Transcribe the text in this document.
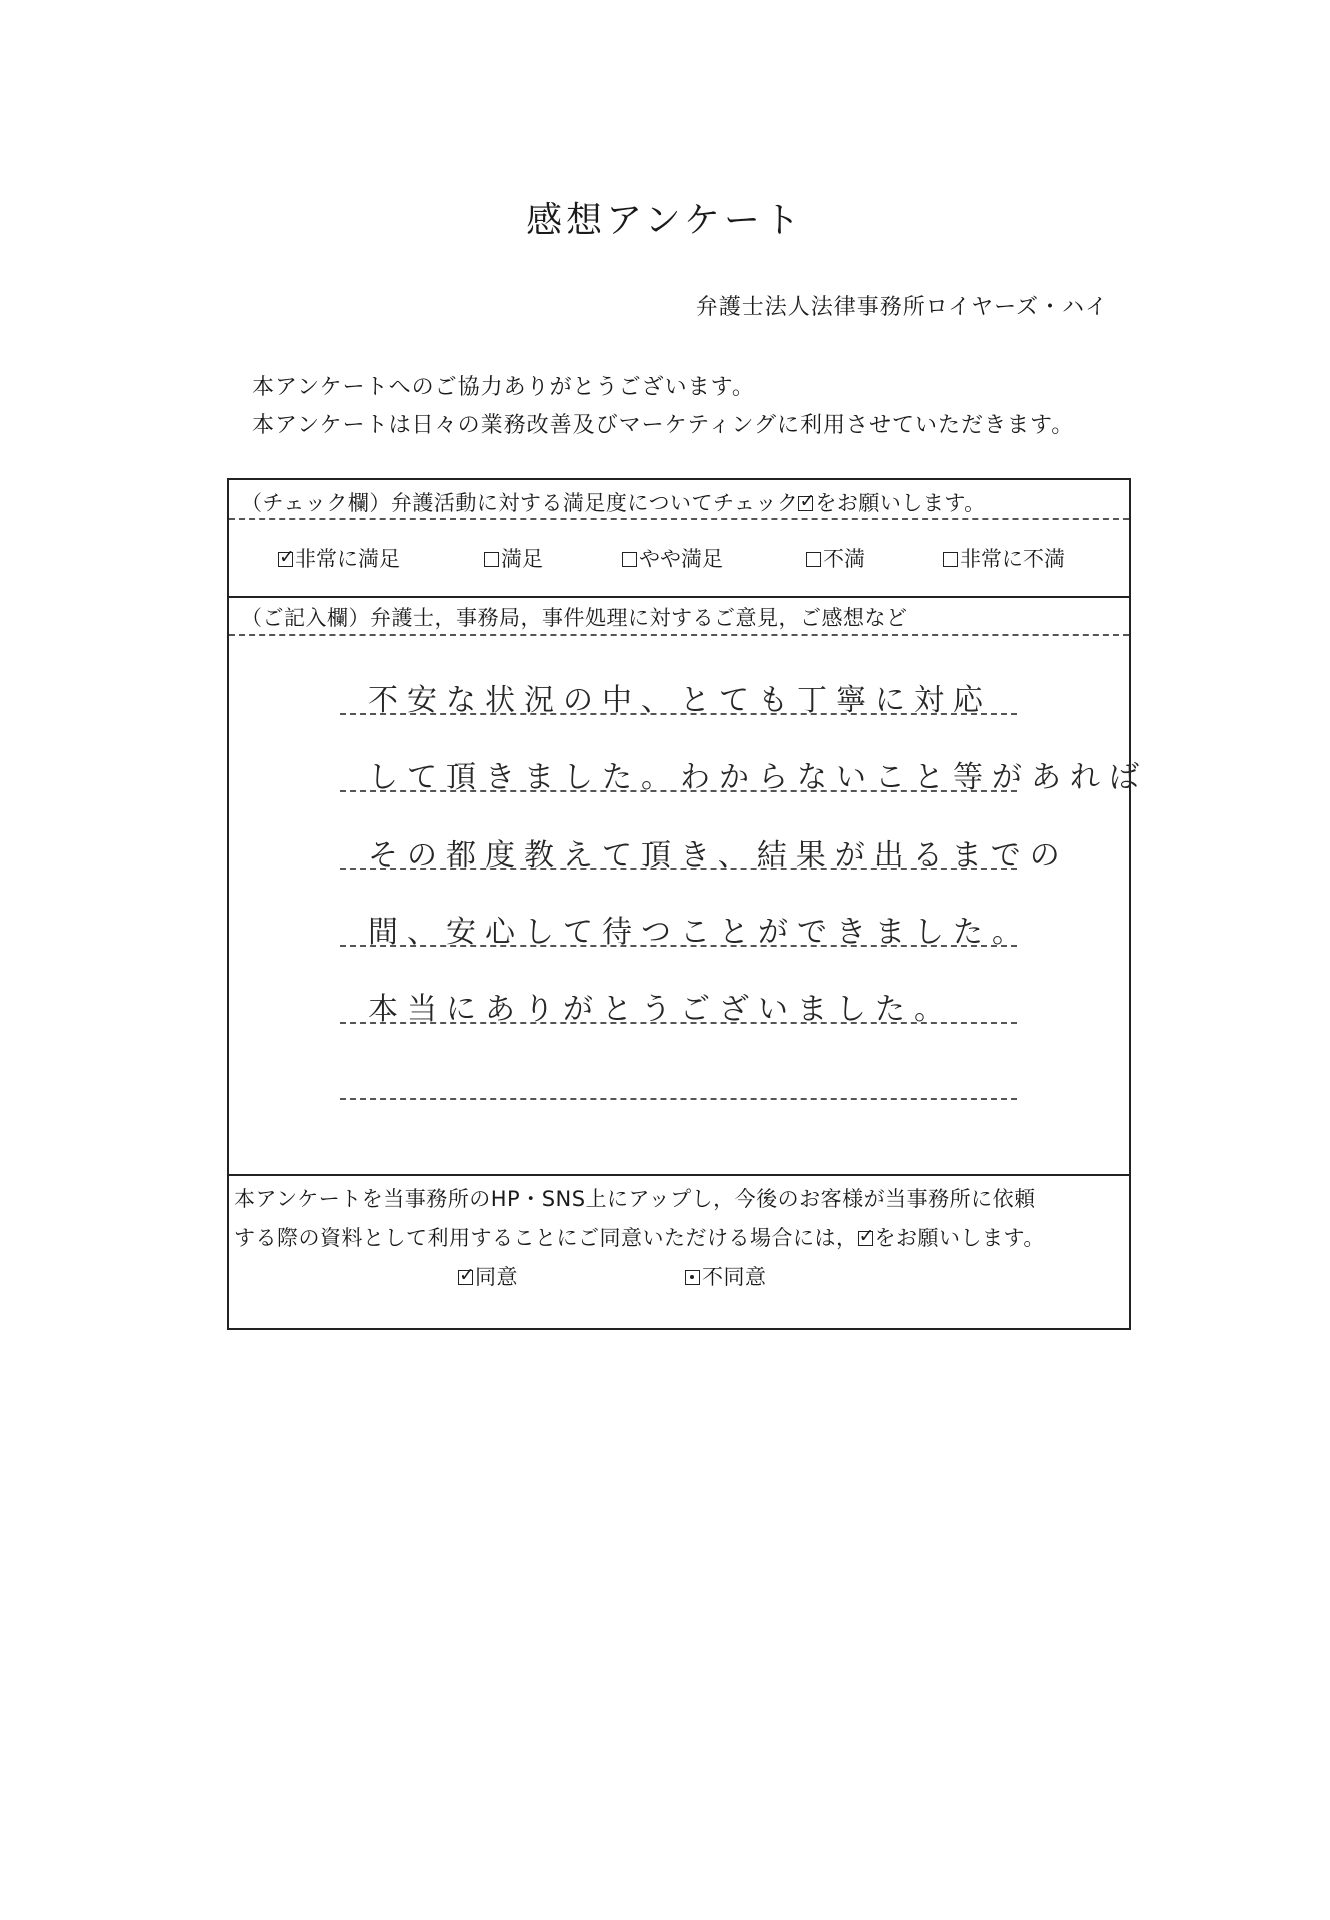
感想アンケート
弁護士法人法律事務所ロイヤーズ・ハイ
本アンケートへのご協力ありがとうございます。
本アンケートは日々の業務改善及びマーケティングに利用させていただきます。
（チェック欄）弁護活動に対する満足度についてチェック ✓ をお願いします。
✓非常に満足	満足	やや満足	不満	非常に不満
（ご記入欄）弁護士，事務局，事件処理に対するご意見，ご感想など
不安な状況の中、とても丁寧に対応
して頂きました。わからないこと等があれば
その都度教えて頂き、結果が出るまでの
間、安心して待つことができました。
本当にありがとうございました。
本アンケートを当事務所のHP・SNS上にアップし，今後のお客様が当事務所に依頼
する際の資料として利用することにご同意いただける場合には， ✓ をお願いします。
✓同意	不同意
